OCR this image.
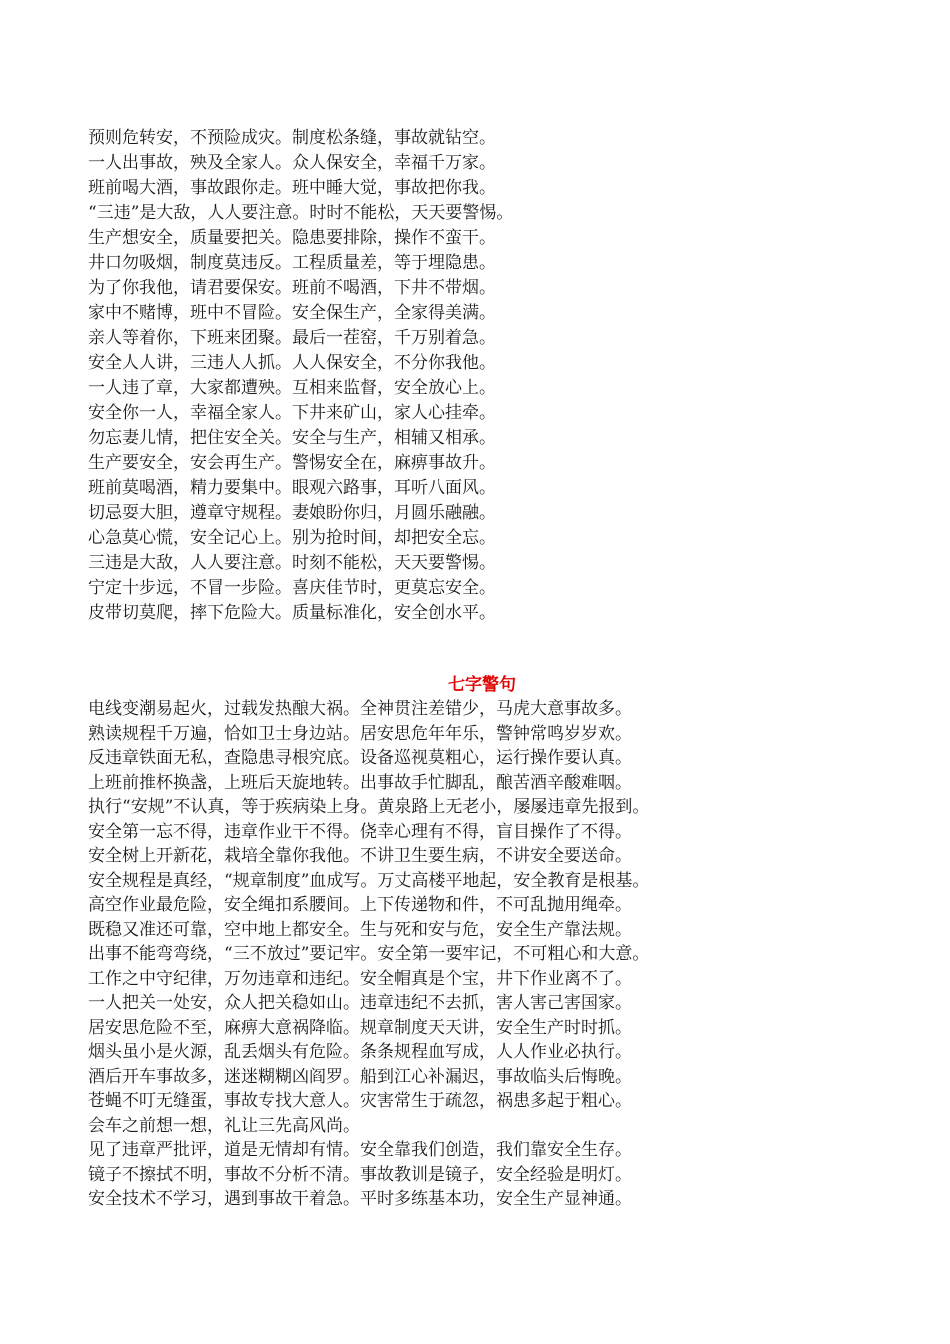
预则危转安，不预险成灾。制度松条缝，事故就钻空。
一人出事故，殃及全家人。众人保安全，幸福千万家。
班前喝大酒，事故跟你走。班中睡大觉，事故把你我。
“三违”是大敌，人人要注意。时时不能松，天天要警惕。
生产想安全，质量要把关。隐患要排除，操作不蛮干。
井口勿吸烟，制度莫违反。工程质量差，等于埋隐患。
为了你我他，请君要保安。班前不喝酒，下井不带烟。
家中不赌博，班中不冒险。安全保生产，全家得美满。
亲人等着你，下班来团聚。最后一茬窑，千万别着急。
安全人人讲，三违人人抓。人人保安全，不分你我他。
一人违了章，大家都遭殃。互相来监督，安全放心上。
安全你一人，幸福全家人。下井来矿山，家人心挂牵。
勿忘妻儿情，把住安全关。安全与生产，相辅又相承。
生产要安全，安会再生产。警惕安全在，麻痹事故升。
班前莫喝酒，精力要集中。眼观六路事，耳听八面风。
切忌耍大胆，遵章守规程。妻娘盼你归，月圆乐融融。
心急莫心慌，安全记心上。别为抢时间，却把安全忘。
三违是大敌，人人要注意。时刻不能松，天天要警惕。
宁定十步远，不冒一步险。喜庆佳节时，更莫忘安全。
皮带切莫爬，摔下危险大。质量标准化，安全创水平。
七字警句
电线变潮易起火，过载发热酿大祸。全神贯注差错少，马虎大意事故多。
熟读规程千万遍，恰如卫士身边站。居安思危年年乐，警钟常鸣岁岁欢。
反违章铁面无私，查隐患寻根究底。设备巡视莫粗心，运行操作要认真。
上班前推杯换盏，上班后天旋地转。出事故手忙脚乱，酿苦酒辛酸难咽。
执行“安规”不认真，等于疾病染上身。黄泉路上无老小，屡屡违章先报到。
安全第一忘不得，违章作业干不得。侥幸心理有不得，盲目操作了不得。
安全树上开新花，栽培全靠你我他。不讲卫生要生病，不讲安全要送命。
安全规程是真经，“规章制度”血成写。万丈高楼平地起，安全教育是根基。
高空作业最危险，安全绳扣系腰间。上下传递物和件，不可乱抛用绳牵。
既稳又准还可靠，空中地上都安全。生与死和安与危，安全生产靠法规。
出事不能弯弯绕，“三不放过”要记牢。安全第一要牢记，不可粗心和大意。
工作之中守纪律，万勿违章和违纪。安全帽真是个宝，井下作业离不了。
一人把关一处安，众人把关稳如山。违章违纪不去抓，害人害己害国家。
居安思危险不至，麻痹大意祸降临。规章制度天天讲，安全生产时时抓。
烟头虽小是火源，乱丢烟头有危险。条条规程血写成，人人作业必执行。
酒后开车事故多，迷迷糊糊凶阎罗。船到江心补漏迟，事故临头后悔晚。
苍蝇不叮无缝蛋，事故专找大意人。灾害常生于疏忽，祸患多起于粗心。
会车之前想一想，礼让三先高风尚。
见了违章严批评，道是无情却有情。安全靠我们创造，我们靠安全生存。
镜子不擦拭不明，事故不分析不清。事故教训是镜子，安全经验是明灯。
安全技术不学习，遇到事故干着急。平时多练基本功，安全生产显神通。
